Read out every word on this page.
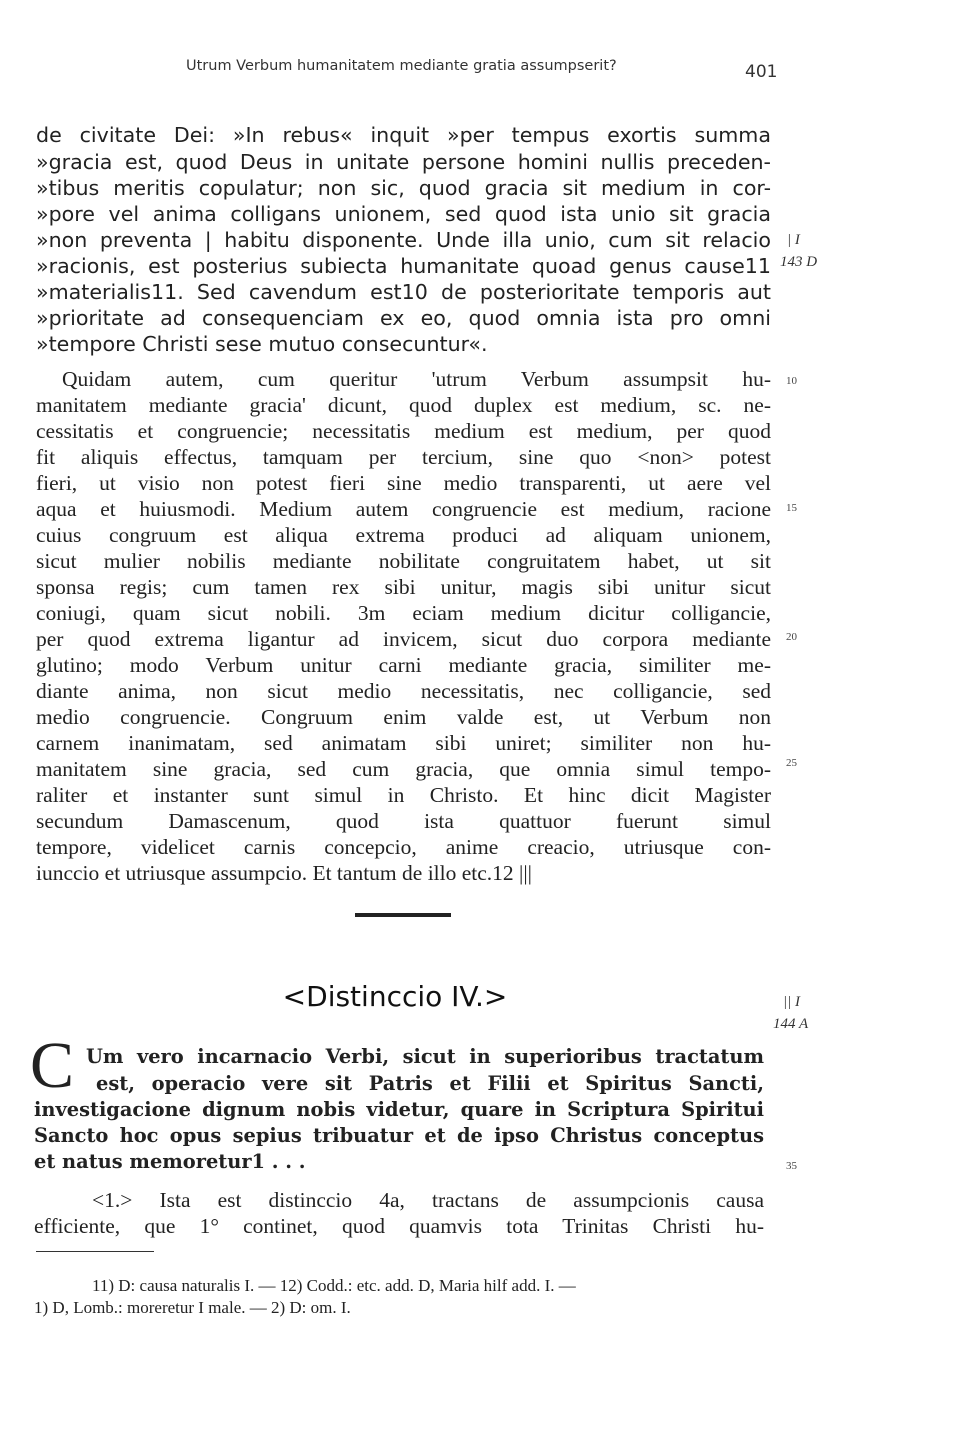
Utrum Verbum humanitatem mediante gratia assumpserit?	401
de civitate Dei: »In rebus« inquit »per tempus exortis summa
»gracia est, quod Deus in unitate persone homini nullis preceden-
»tibus meritis copulatur; non sic, quod gracia sit medium in cor-
»pore vel anima colligans unionem, sed quod ista unio sit gracia
»non preventa | habitu disponente. Unde illa unio, cum sit relacio
»racionis, est posterius subiecta humanitate quoad genus cause11
»materialis11. Sed cavendum est10 de posterioritate temporis aut
»prioritate ad consequenciam ex eo, quod omnia ista pro omni
»tempore Christi sese mutuo consecuntur«.
Quidam autem, cum queritur 'utrum Verbum assumpsit hu-
manitatem mediante gracia' dicunt, quod duplex est medium, sc. ne-
cessitatis et congruencie; necessitatis medium est medium, per quod
fit aliquis effectus, tamquam per tercium, sine quo <non> potest
fieri, ut visio non potest fieri sine medio transparenti, ut aere vel
aqua et huiusmodi. Medium autem congruencie est medium, racione
cuius congruum est aliqua extrema produci ad aliquam unionem,
sicut mulier nobilis mediante nobilitate congruitatem habet, ut sit
sponsa regis; cum tamen rex sibi unitur, magis sibi unitur sicut
coniugi, quam sicut nobili. 3m eciam medium dicitur colligancie,
per quod extrema ligantur ad invicem, sicut duo corpora mediante
glutino; modo Verbum unitur carni mediante gracia, similiter me-
diante anima, non sicut medio necessitatis, nec colligancie, sed
medio congruencie. Congruum enim valde est, ut Verbum non
carnem inanimatam, sed animatam sibi uniret; similiter non hu-
manitatem sine gracia, sed cum gracia, que omnia simul tempo-
raliter et instanter sunt simul in Christo. Et hinc dicit Magister
secundum Damascenum, quod ista quattuor fuerunt simul
tempore, videlicet carnis concepcio, anime creacio, utriusque con-
iunccio et utriusque assumpcio. Et tantum de illo etc.12 |||
<Distinccio IV.>
C Um vero incarnacio Verbi, sicut in superioribus tractatum
est, operacio vere sit Patris et Filii et Spiritus Sancti,
investigacione dignum nobis videtur, quare in Scriptura Spiritui
Sancto hoc opus sepius tribuatur et de ipso Christus conceptus
et natus memoretur1 . . .
<1.> Ista est distinccio 4a, tractans de assumpcionis causa
efficiente, que 1° continet, quod quamvis tota Trinitas Christi hu-
11) D: causa naturalis I. — 12) Codd.: etc. add. D, Maria hilf add. I. —
1) D, Lomb.: moreretur I male. — 2) D: om. I.
| I
143 D
|| I
144 A
10
15
20
25
35
